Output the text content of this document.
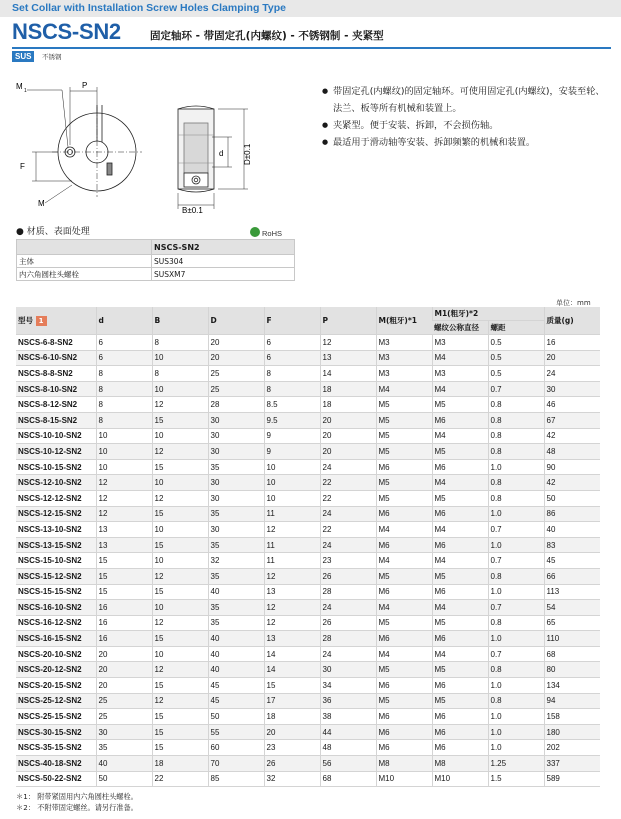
Set Collar with Installation Screw Holes Clamping Type
NSCS-SN2	固定轴环 - 带固定孔(内螺纹) - 不锈钢制 - 夹紧型
SUS	不锈钢
M 1
P
F
M
d D±0.1
B±0.1
● 带固定孔(内螺纹)的固定轴环。可使用固定孔(内螺纹)，安装至轮、法兰、板等所有机械和装置上。
● 夹紧型。便于安装、拆卸，不会损伤轴。
● 最适用于滑动轴等安装、拆卸频繁的机械和装置。
● 材质、表面处理	RoHS
	NSCS-SN2
主体	SUS304
内六角圆柱头螺栓	SUSXM7
单位：mm
型号 1	d	B	D	F	P	M(粗牙)*1	M1(粗牙)*2		质量(g)
							螺纹公称直径	螺距	
NSCS-6-8-SN2	6	8	20	6	12	M3	M3	0.5	16
NSCS-6-10-SN2	6	10	20	6	13	M3	M4	0.5	20
NSCS-8-8-SN2	8	8	25	8	14	M3	M3	0.5	24
NSCS-8-10-SN2	8	10	25	8	18	M4	M4	0.7	30
NSCS-8-12-SN2	8	12	28	8.5	18	M5	M5	0.8	46
NSCS-8-15-SN2	8	15	30	9.5	20	M5	M6	0.8	67
NSCS-10-10-SN2	10	10	30	9	20	M5	M4	0.8	42
NSCS-10-12-SN2	10	12	30	9	20	M5	M5	0.8	48
NSCS-10-15-SN2	10	15	35	10	24	M6	M6	1.0	90
NSCS-12-10-SN2	12	10	30	10	22	M5	M4	0.8	42
NSCS-12-12-SN2	12	12	30	10	22	M5	M5	0.8	50
NSCS-12-15-SN2	12	15	35	11	24	M6	M6	1.0	86
NSCS-13-10-SN2	13	10	30	12	22	M4	M4	0.7	40
NSCS-13-15-SN2	13	15	35	11	24	M6	M6	1.0	83
NSCS-15-10-SN2	15	10	32	11	23	M4	M4	0.7	45
NSCS-15-12-SN2	15	12	35	12	26	M5	M5	0.8	66
NSCS-15-15-SN2	15	15	40	13	28	M6	M6	1.0	113
NSCS-16-10-SN2	16	10	35	12	24	M4	M4	0.7	54
NSCS-16-12-SN2	16	12	35	12	26	M5	M5	0.8	65
NSCS-16-15-SN2	16	15	40	13	28	M6	M6	1.0	110
NSCS-20-10-SN2	20	10	40	14	24	M4	M4	0.7	68
NSCS-20-12-SN2	20	12	40	14	30	M5	M5	0.8	80
NSCS-20-15-SN2	20	15	45	15	34	M6	M6	1.0	134
NSCS-25-12-SN2	25	12	45	17	36	M5	M5	0.8	94
NSCS-25-15-SN2	25	15	50	18	38	M6	M6	1.0	158
NSCS-30-15-SN2	30	15	55	20	44	M6	M6	1.0	180
NSCS-35-15-SN2	35	15	60	23	48	M6	M6	1.0	202
NSCS-40-18-SN2	40	18	70	26	56	M8	M8	1.25	337
NSCS-50-22-SN2	50	22	85	32	68	M10	M10	1.5	589
＊1： 附带紧固用内六角圆柱头螺栓。
＊2： 不附带固定螺丝。请另行准备。
